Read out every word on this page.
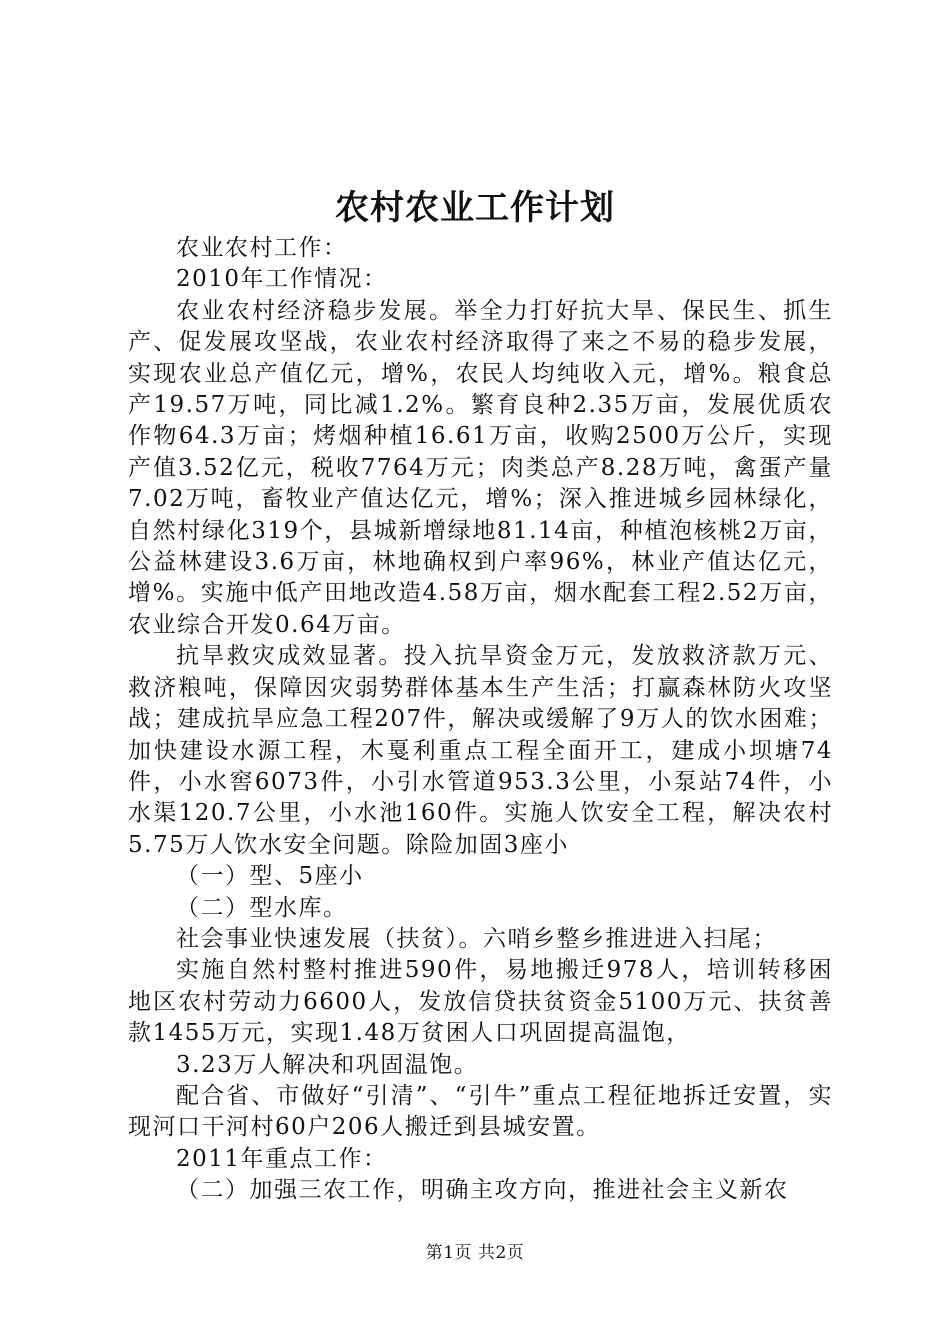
农村农业工作计划

农业农村工作：

2010年工作情况：

农业农村经济稳步发展。举全力打好抗大旱、保民生、抓生产、促发展攻坚战，农业农村经济取得了来之不易的稳步发展，实现农业总产值亿元，增%，农民人均纯收入元，增%。粮食总产19.57万吨，同比减1.2%。繁育良种2.35万亩，发展优质农作物64.3万亩；烤烟种植16.61万亩，收购2500万公斤，实现产值3.52亿元，税收7764万元；肉类总产8.28万吨，禽蛋产量7.02万吨，畜牧业产值达亿元，增%；深入推进城乡园林绿化，自然村绿化319个，县城新增绿地81.14亩，种植泡核桃2万亩，公益林建设3.6万亩，林地确权到户率96%，林业产值达亿元，增%。实施中低产田地改造4.58万亩，烟水配套工程2.52万亩，农业综合开发0.64万亩。

抗旱救灾成效显著。投入抗旱资金万元，发放救济款万元、救济粮吨，保障因灾弱势群体基本生产生活；打赢森林防火攻坚战；建成抗旱应急工程207件，解决或缓解了9万人的饮水困难；加快建设水源工程，木戛利重点工程全面开工，建成小坝塘74件，小水窖6073件，小引水管道953.3公里，小泵站74件，小水渠120.7公里，小水池160件。实施人饮安全工程，解决农村5.75万人饮水安全问题。除险加固3座小

（一）型、5座小

（二）型水库。

社会事业快速发展（扶贫）。六哨乡整乡推进进入扫尾；

实施自然村整村推进590件，易地搬迁978人，培训转移困地区农村劳动力6600人，发放信贷扶贫资金5100万元、扶贫善款1455万元，实现1.48万贫困人口巩固提高温饱，

3.23万人解决和巩固温饱。

配合省、市做好“引清”、“引牛”重点工程征地拆迁安置，实现河口干河村60户206人搬迁到县城安置。

2011年重点工作：

（二）加强三农工作，明确主攻方向，推进社会主义新农

第1页 共2页
